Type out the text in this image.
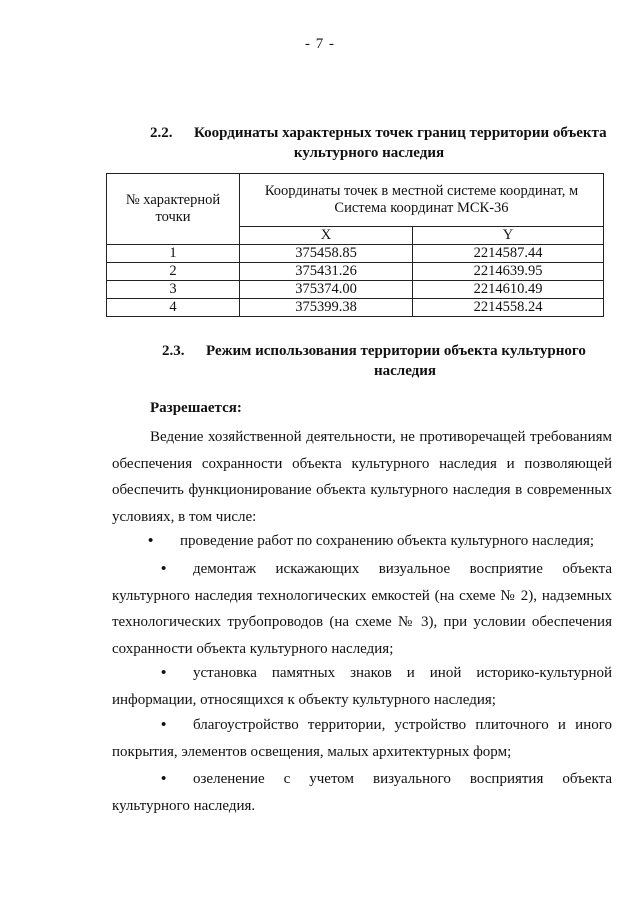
- 7 -
2.2. Координаты характерных точек границ территории объекта
культурного наследия
№ характерной точки	Координаты точек в местной системе координат, м Система координат МСК-36	
	X	Y
1	375458.85	2214587.44
2	375431.26	2214639.95
3	375374.00	2214610.49
4	375399.38	2214558.24
2.3. Режим использования территории объекта культурного
наследия
Разрешается:
Ведение хозяйственной деятельности, не противоречащей требованиям обеспечения сохранности объекта культурного наследия и позволяющей обеспечить функционирование объекта культурного наследия в современных условиях, в том числе:
• проведение работ по сохранению объекта культурного наследия;
• демонтаж искажающих визуальное восприятие объекта культурного наследия технологических емкостей (на схеме № 2), надземных технологических трубопроводов (на схеме № 3), при условии обеспечения сохранности объекта культурного наследия;
• установка памятных знаков и иной историко-культурной информации, относящихся к объекту культурного наследия;
• благоустройство территории, устройство плиточного и иного покрытия, элементов освещения, малых архитектурных форм;
• озеленение с учетом визуального восприятия объекта культурного наследия.
